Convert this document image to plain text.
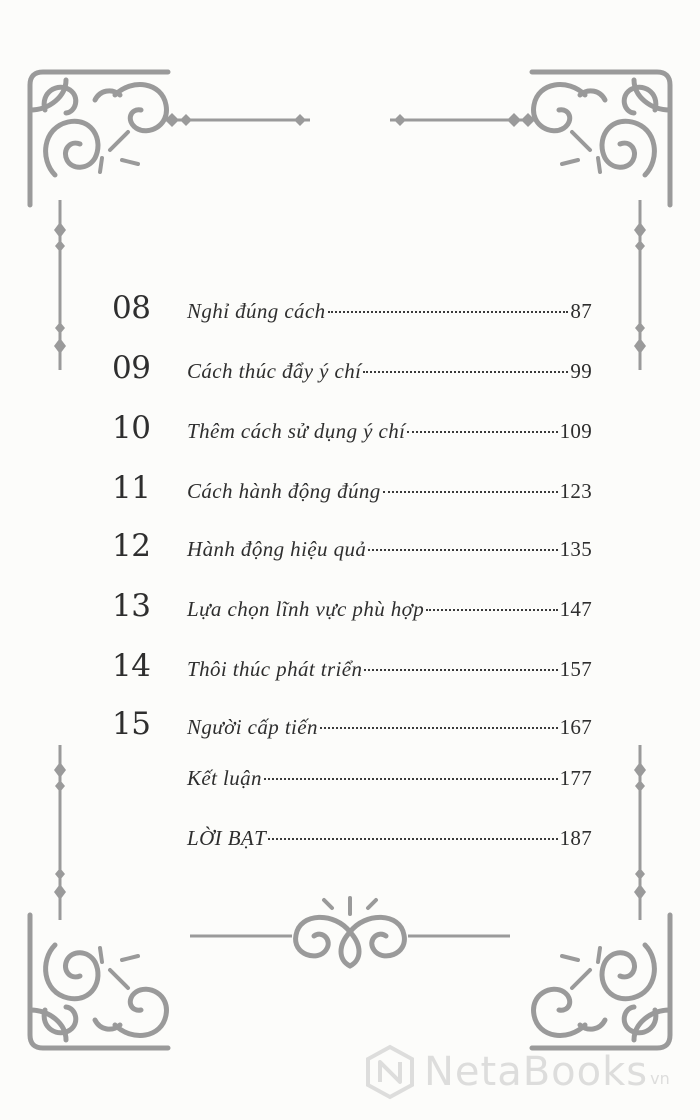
08	Nghỉ đúng cách	87
09	Cách thúc đẩy ý chí	99
10	Thêm cách sử dụng ý chí	109
11	Cách hành động đúng	123
12	Hành động hiệu quả	135
13	Lựa chọn lĩnh vực phù hợp	147
14	Thôi thúc phát triển	157
15	Người cấp tiến	167
Kết luận	177
LỜI BẠT	187
NetaBooks vn
